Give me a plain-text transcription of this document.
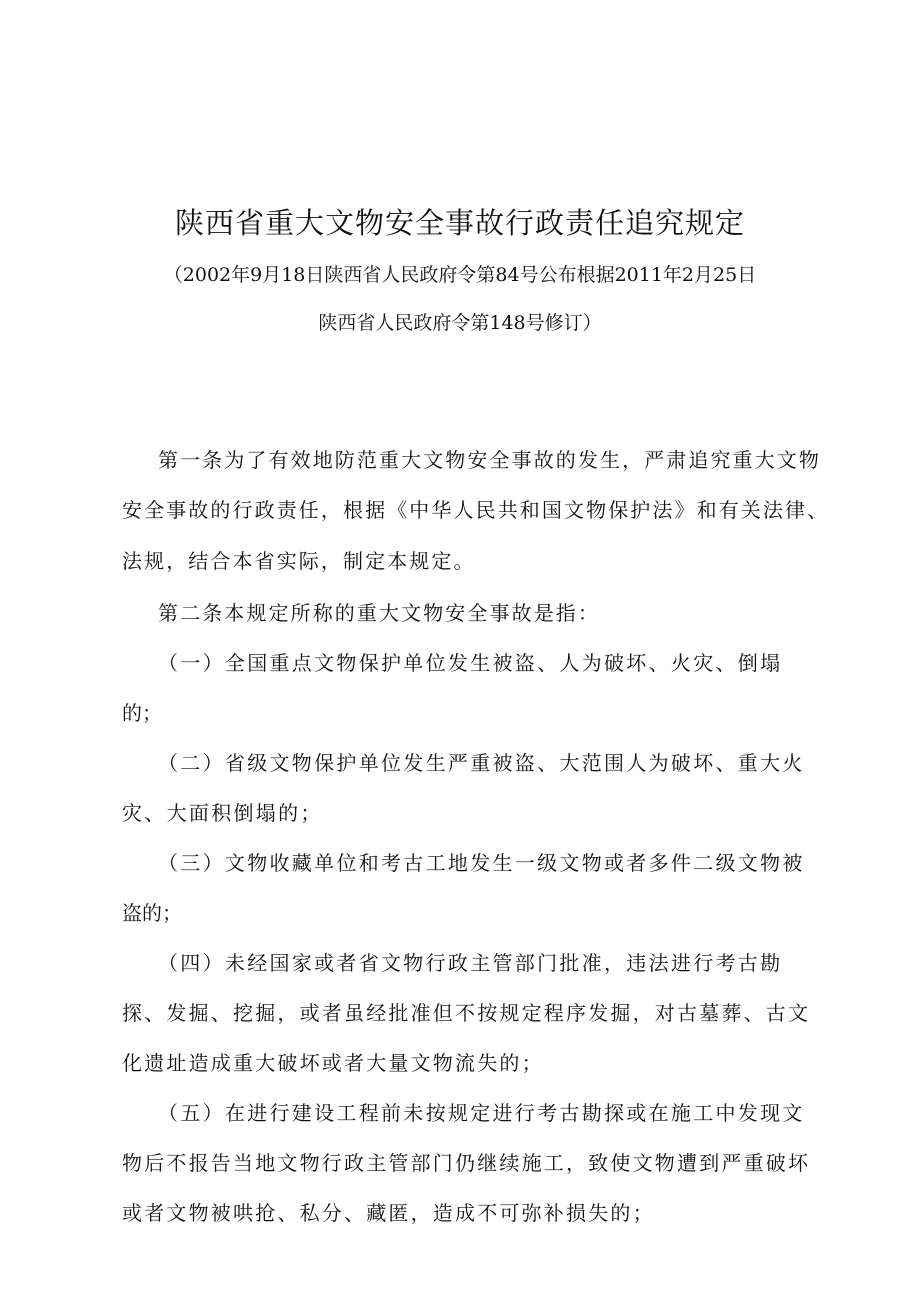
陕西省重大文物安全事故行政责任追究规定
（2002年9月18日陕西省人民政府令第84号公布根据2011年2月25日
陕西省人民政府令第148号修订）
第一条为了有效地防范重大文物安全事故的发生，严肃追究重大文物
安全事故的行政责任，根据《中华人民共和国文物保护法》和有关法律、
法规，结合本省实际，制定本规定。
第二条本规定所称的重大文物安全事故是指：
（一）全国重点文物保护单位发生被盗、人为破坏、火灾、倒塌
的；
（二）省级文物保护单位发生严重被盗、大范围人为破坏、重大火
灾、大面积倒塌的；
（三）文物收藏单位和考古工地发生一级文物或者多件二级文物被
盗的；
（四）未经国家或者省文物行政主管部门批准，违法进行考古勘
探、发掘、挖掘，或者虽经批准但不按规定程序发掘，对古墓葬、古文
化遗址造成重大破坏或者大量文物流失的；
（五）在进行建设工程前未按规定进行考古勘探或在施工中发现文
物后不报告当地文物行政主管部门仍继续施工，致使文物遭到严重破坏
或者文物被哄抢、私分、藏匿，造成不可弥补损失的；
